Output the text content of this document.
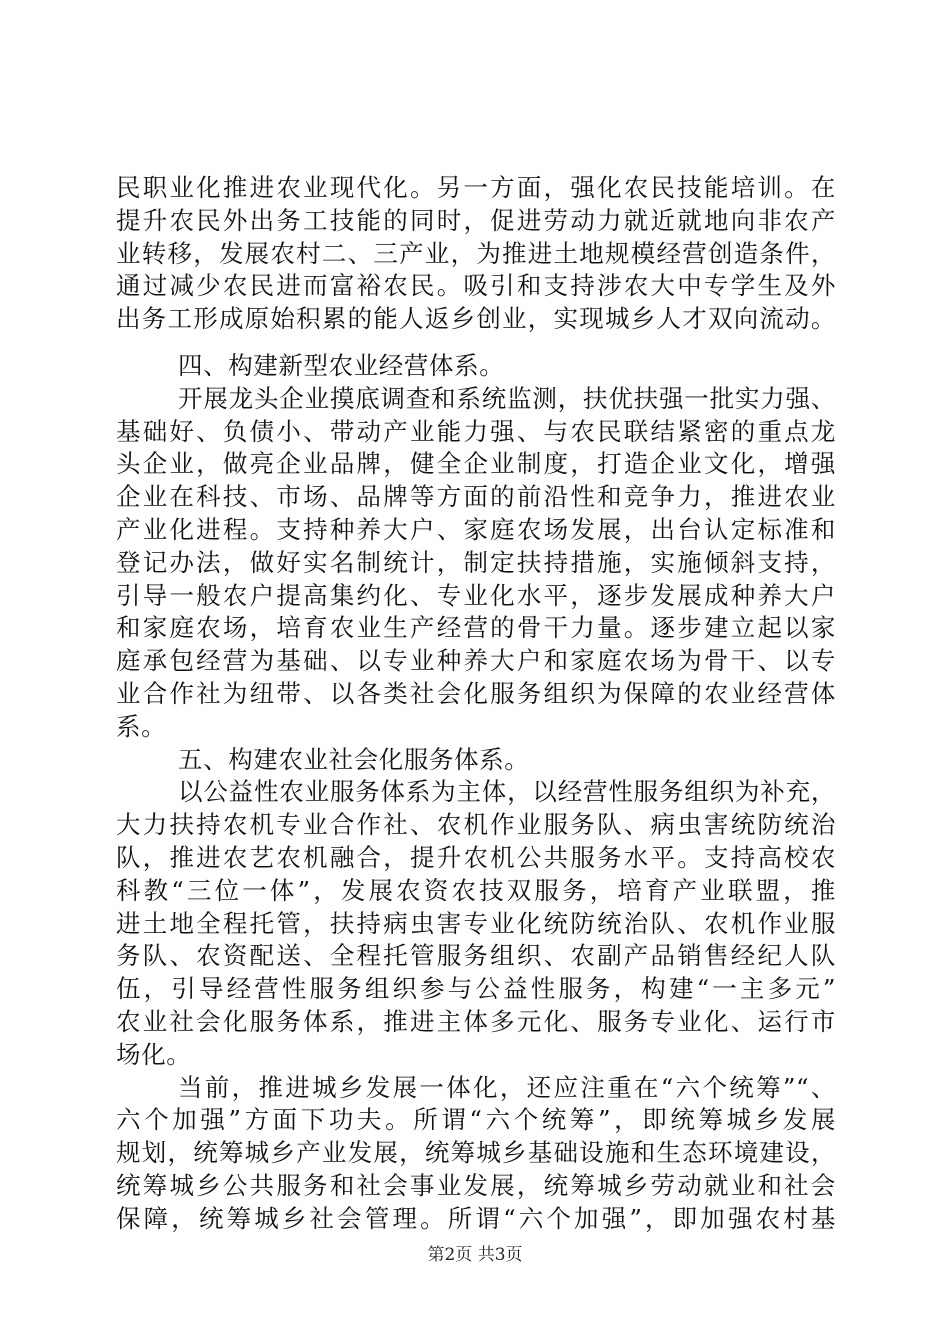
民职业化推进农业现代化。另一方面，强化农民技能培训。在
提升农民外出务工技能的同时，促进劳动力就近就地向非农产
业转移，发展农村二、三产业，为推进土地规模经营创造条件，
通过减少农民进而富裕农民。吸引和支持涉农大中专学生及外
出务工形成原始积累的能人返乡创业，实现城乡人才双向流动。
四、构建新型农业经营体系。
开展龙头企业摸底调查和系统监测，扶优扶强一批实力强、
基础好、负债小、带动产业能力强、与农民联结紧密的重点龙
头企业，做亮企业品牌，健全企业制度，打造企业文化，增强
企业在科技、市场、品牌等方面的前沿性和竞争力，推进农业
产业化进程。支持种养大户、家庭农场发展，出台认定标准和
登记办法，做好实名制统计，制定扶持措施，实施倾斜支持，
引导一般农户提高集约化、专业化水平，逐步发展成种养大户
和家庭农场，培育农业生产经营的骨干力量。逐步建立起以家
庭承包经营为基础、以专业种养大户和家庭农场为骨干、以专
业合作社为纽带、以各类社会化服务组织为保障的农业经营体
系。
五、构建农业社会化服务体系。
以公益性农业服务体系为主体，以经营性服务组织为补充，
大力扶持农机专业合作社、农机作业服务队、病虫害统防统治
队，推进农艺农机融合，提升农机公共服务水平。支持高校农
科教“三位一体”，发展农资农技双服务，培育产业联盟，推
进土地全程托管，扶持病虫害专业化统防统治队、农机作业服
务队、农资配送、全程托管服务组织、农副产品销售经纪人队
伍，引导经营性服务组织参与公益性服务，构建“一主多元”
农业社会化服务体系，推进主体多元化、服务专业化、运行市
场化。
当前，推进城乡发展一体化，还应注重在“六个统筹”“、
六个加强”方面下功夫。所谓“六个统筹”，即统筹城乡发展
规划，统筹城乡产业发展，统筹城乡基础设施和生态环境建设，
统筹城乡公共服务和社会事业发展，统筹城乡劳动就业和社会
保障，统筹城乡社会管理。所谓“六个加强”，即加强农村基
第2页 共3页
